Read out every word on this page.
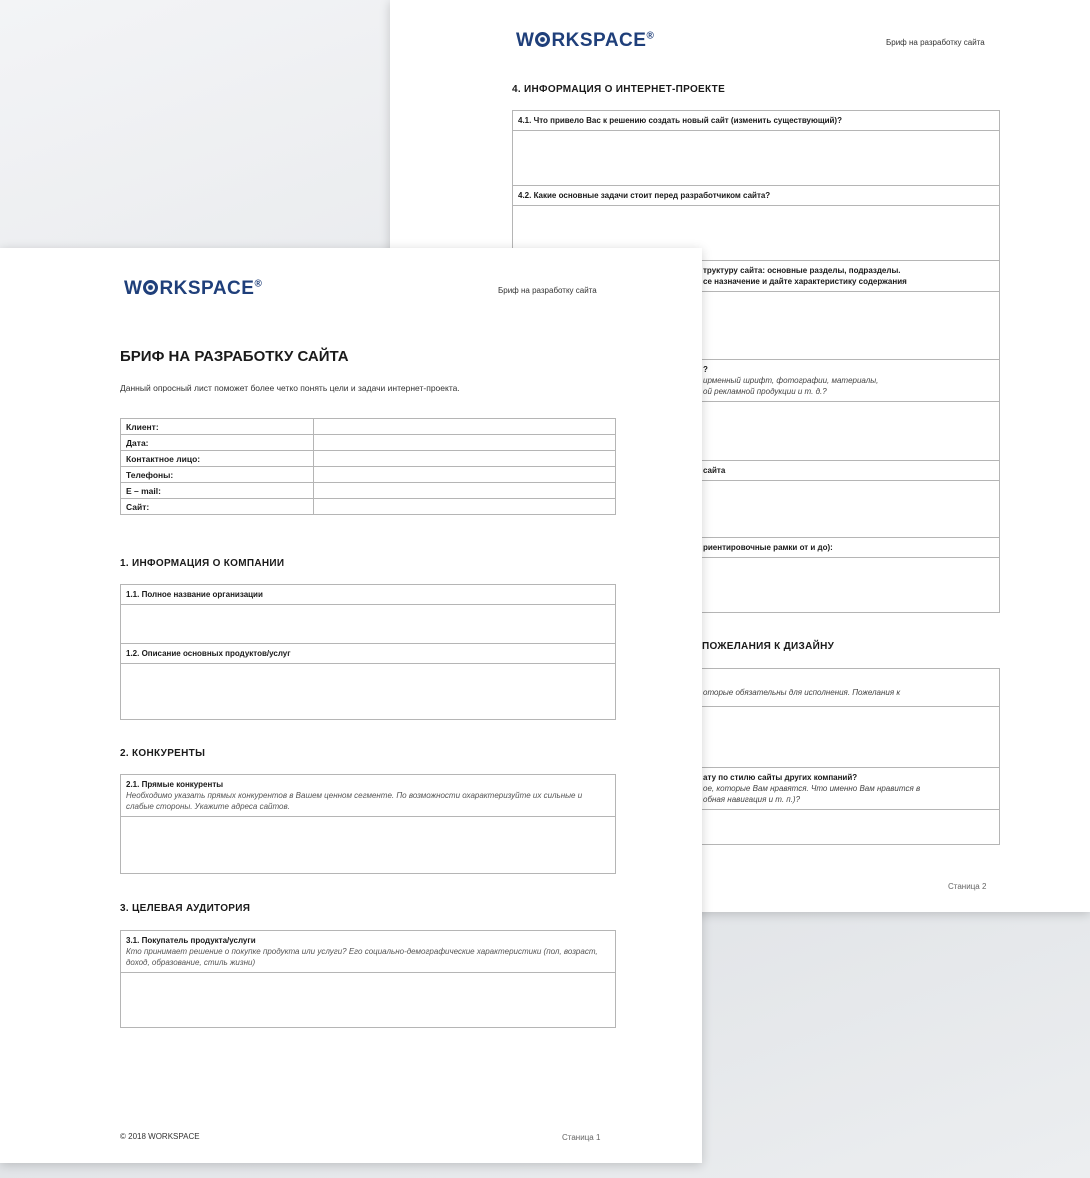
W RKSPACE®
Бриф на разработку сайта
4. ИНФОРМАЦИЯ О ИНТЕРНЕТ-ПРОЕКТЕ
4.1. Что привело Вас к решению создать новый сайт (изменить существующий)?
4.2. Какие основные задачи стоит перед разработчиком сайта?
труктуру сайта: основные разделы, подразделы.
се назначение и дайте характеристику содержания
?
ирменный шрифт, фотографии, материалы,
ой рекламной продукции и т. д.?
сайта
риентировочные рамки от и до):
ПОЖЕЛАНИЯ К ДИЗАЙНУ
оторые обязательны для исполнения. Пожелания к
ату по стилю сайты других компаний?
ое, которые Вам нравятся. Что именно Вам нравится в
обная навигация и т. п.)?
Станица 2
W RKSPACE®
Бриф на разработку сайта
БРИФ НА РАЗРАБОТКУ САЙТА
Данный опросный лист поможет более четко понять цели и задачи интернет-проекта.
Клиент:	
Дата:	
Контактное лицо:	
Телефоны:	
E – mail:	
Сайт:	
1. ИНФОРМАЦИЯ О КОМПАНИИ
1.1. Полное название организации
1.2. Описание основных продуктов/услуг
2. КОНКУРЕНТЫ
2.1. Прямые конкуренты
Необходимо указать прямых конкурентов в Вашем ценном сегменте. По возможности охарактеризуйте их сильные и слабые стороны. Укажите адреса сайтов.
3. ЦЕЛЕВАЯ АУДИТОРИЯ
3.1. Покупатель продукта/услуги
Кто принимает решение о покупке продукта или услуги? Его социально-демографические характеристики (пол, возраст, доход, образование, стиль жизни)
© 2018 WORKSPACE	Станица 1
